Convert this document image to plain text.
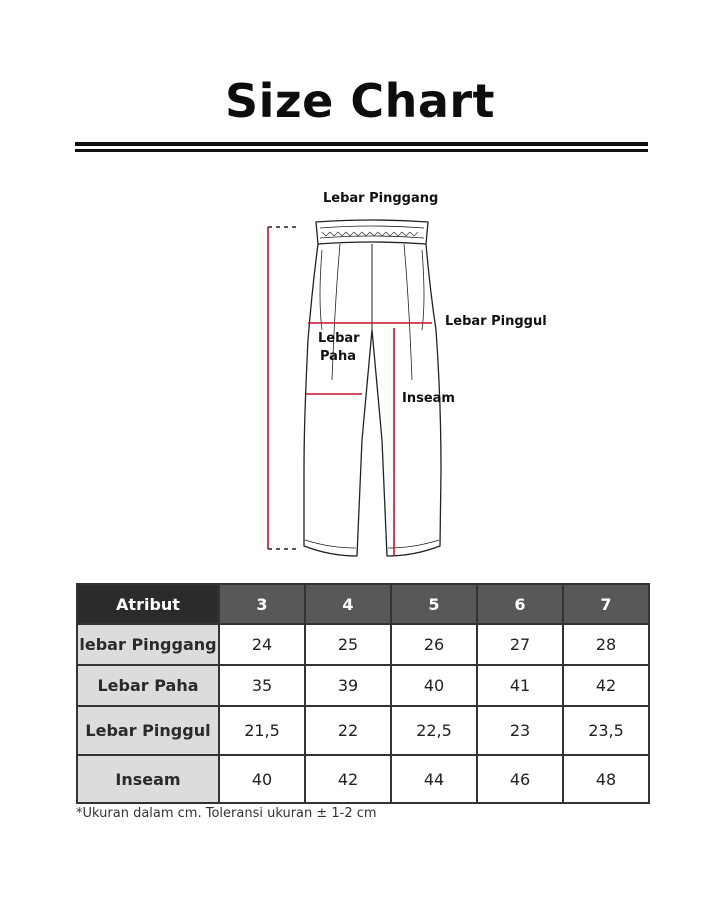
Size Chart
Lebar Pinggang
Lebar Pinggul
Lebar
Paha
Inseam
Atribut	3	4	5	6	7
lebar Pinggang	24	25	26	27	28
Lebar Paha	35	39	40	41	42
Lebar Pinggul	21,5	22	22,5	23	23,5
Inseam	40	42	44	46	48
*Ukuran dalam cm. Toleransi ukuran ± 1-2 cm
